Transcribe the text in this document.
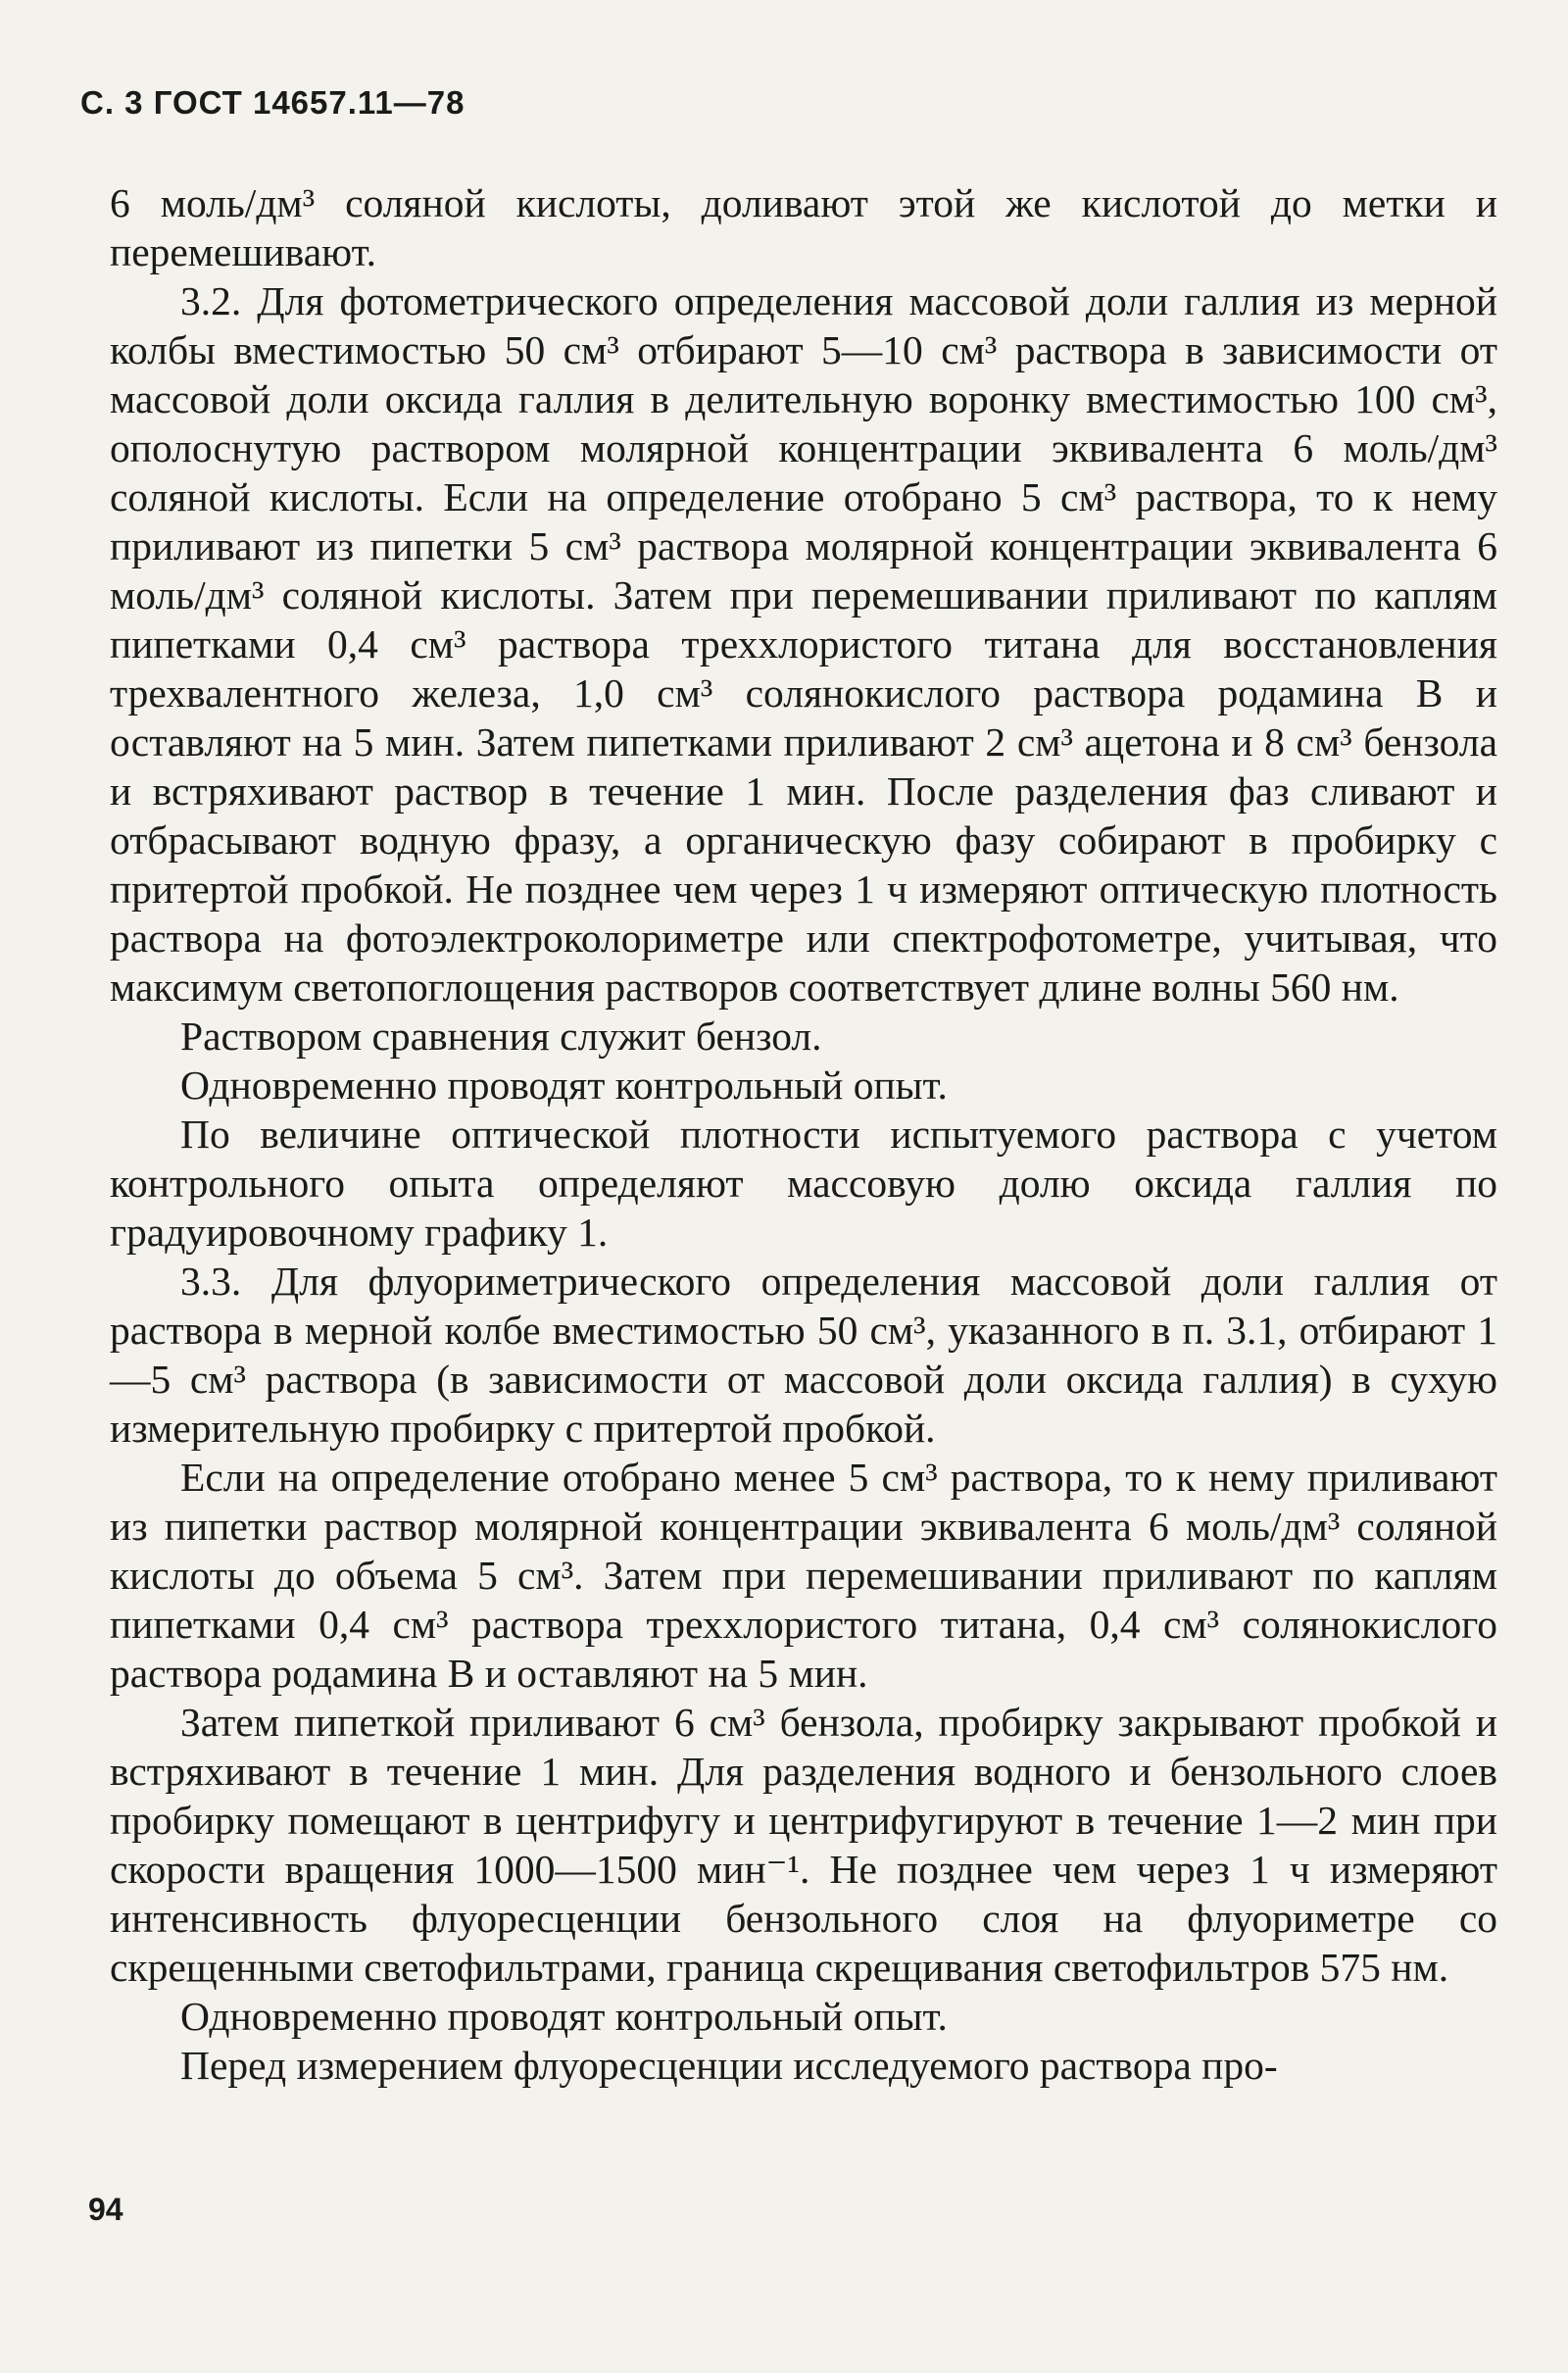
С. 3 ГОСТ 14657.11—78

6 моль/дм³ соляной кислоты, доливают этой же кислотой до метки и перемешивают.

3.2. Для фотометрического определения массовой доли галлия из мерной колбы вместимостью 50 см³ отбирают 5—10 см³ раствора в зависимости от массовой доли оксида галлия в делительную воронку вместимостью 100 см³, ополоснутую раствором молярной концентрации эквивалента 6 моль/дм³ соляной кислоты. Если на определение отобрано 5 см³ раствора, то к нему приливают из пипетки 5 см³ раствора молярной концентрации эквивалента 6 моль/дм³ соляной кислоты. Затем при перемешивании приливают по каплям пипетками 0,4 см³ раствора треххлористого титана для восстановления трехвалентного железа, 1,0 см³ солянокислого раствора родамина В и оставляют на 5 мин. Затем пипетками приливают 2 см³ ацетона и 8 см³ бензола и встряхивают раствор в течение 1 мин. После разделения фаз сливают и отбрасывают водную фразу, а органическую фазу собирают в пробирку с притертой пробкой. Не позднее чем через 1 ч измеряют оптическую плотность раствора на фотоэлектроколориметре или спектрофотометре, учитывая, что максимум светопоглощения растворов соответствует длине волны 560 нм.

Раствором сравнения служит бензол.

Одновременно проводят контрольный опыт.

По величине оптической плотности испытуемого раствора с учетом контрольного опыта определяют массовую долю оксида галлия по градуировочному графику 1.

3.3. Для флуориметрического определения массовой доли галлия от раствора в мерной колбе вместимостью 50 см³, указанного в п. 3.1, отбирают 1—5 см³ раствора (в зависимости от массовой доли оксида галлия) в сухую измерительную пробирку с притертой пробкой.

Если на определение отобрано менее 5 см³ раствора, то к нему приливают из пипетки раствор молярной концентрации эквивалента 6 моль/дм³ соляной кислоты до объема 5 см³. Затем при перемешивании приливают по каплям пипетками 0,4 см³ раствора треххлористого титана, 0,4 см³ солянокислого раствора родамина В и оставляют на 5 мин.

Затем пипеткой приливают 6 см³ бензола, пробирку закрывают пробкой и встряхивают в течение 1 мин. Для разделения водного и бензольного слоев пробирку помещают в центрифугу и центрифугируют в течение 1—2 мин при скорости вращения 1000—1500 мин⁻¹. Не позднее чем через 1 ч измеряют интенсивность флуоресценции бензольного слоя на флуориметре со скрещенными светофильтрами, граница скрещивания светофильтров 575 нм.

Одновременно проводят контрольный опыт.

Перед измерением флуоресценции исследуемого раствора про-

94
